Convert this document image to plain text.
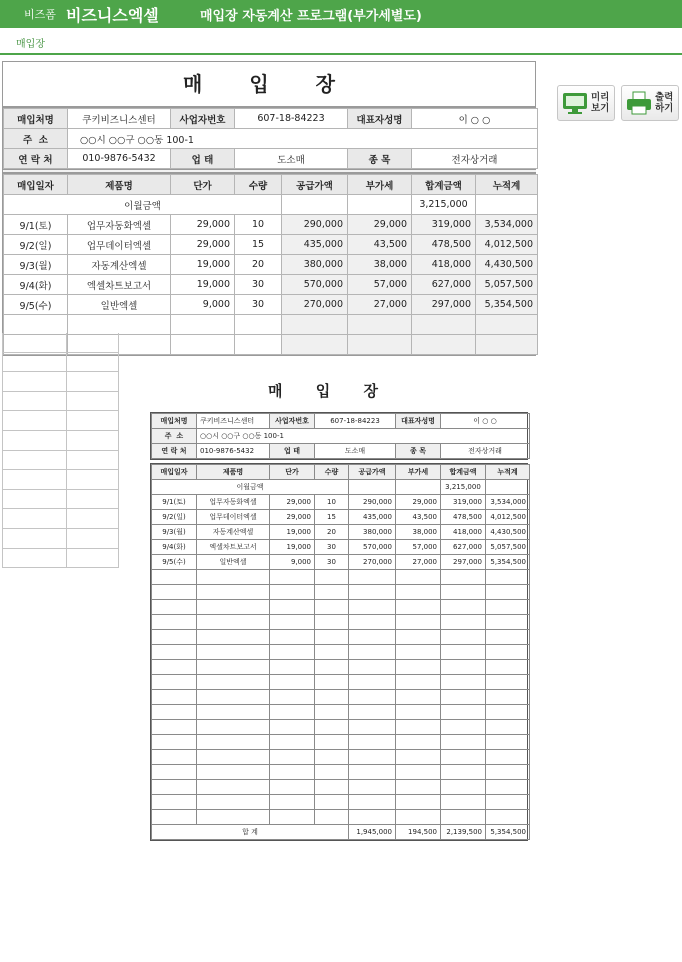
비즈폼 비즈니스엑셀	매입장 자동계산 프로그램(부가세별도)
매입장
매 입 장
매입처명	쿠키비즈니스센터	사업자번호	607-18-84223	대표자성명	이 ○ ○
주  소	○○시 ○○구 ○○동 100-1				
연 락 처	010-9876-5432	업 태	도소매	종 목	전자상거래
매입일자	제품명	단가	수량	공급가액	부가세	합계금액	누적계
이월금액						3,215,000	
9/1(토)	업무자동화엑셀	29,000	10	290,000	29,000	319,000	3,534,000
9/2(일)	업무데이터엑셀	29,000	15	435,000	43,500	478,500	4,012,500
9/3(월)	자동계산엑셀	19,000	20	380,000	38,000	418,000	4,430,500
9/4(화)	엑셀차트보고서	19,000	30	570,000	57,000	627,000	5,057,500
9/5(수)	일반엑셀	9,000	30	270,000	27,000	297,000	5,354,500

미리 보기
출력 하기
매 입 장
매입처명	쿠키비즈니스센터	사업자번호	607-18-84223	대표자성명	이 ○ ○
주  소	○○시 ○○구 ○○동 100-1				
연 락 처	010-9876-5432	업 태	도소매	종 목	전자상거래
매입일자	제품명	단가	수량	공급가액	부가세	합계금액	누적계
이월금액						3,215,000	
9/1(토)	업무자동화엑셀	29,000	10	290,000	29,000	319,000	3,534,000
9/2(일)	업무데이터엑셀	29,000	15	435,000	43,500	478,500	4,012,500
9/3(월)	자동계산엑셀	19,000	20	380,000	38,000	418,000	4,430,500
9/4(화)	엑셀차트보고서	19,000	30	570,000	57,000	627,000	5,057,500
9/5(수)	일반엑셀	9,000	30	270,000	27,000	297,000	5,354,500

합 계				1,945,000	194,500	2,139,500	5,354,500
